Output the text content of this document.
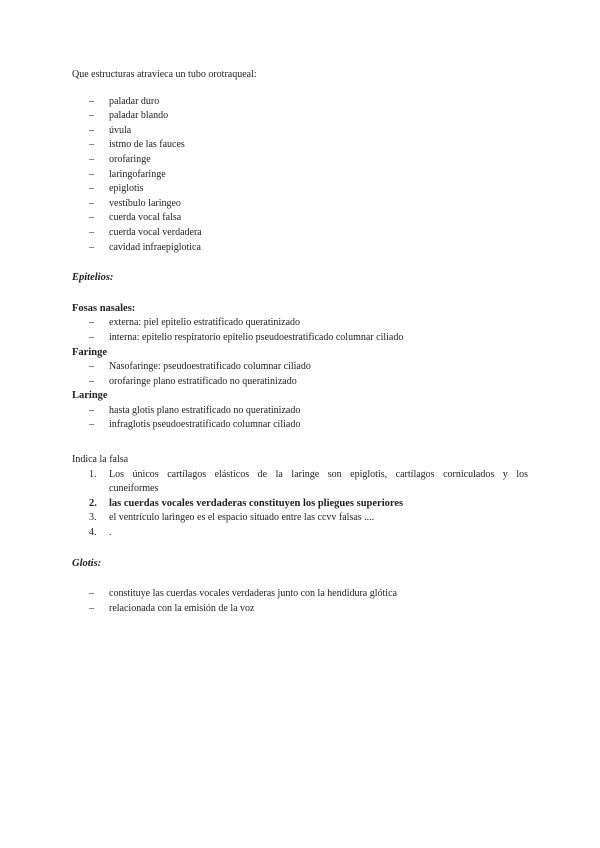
Que estructuras atravieca un tubo orotraqueal:
– paladar duro
– paladar blando
– úvula
– istmo de las fauces
– orofaringe
– laringofaringe
– epiglotis
– vestíbulo laringeo
– cuerda vocal falsa
– cuerda vocal verdadera
– cavidad infraepiglotica
Epitelios:
Fosas nasales:
– externa: piel epitelio estratificado queratinizado
– interna: epitelio respiratorio epitelio pseudoestratificado columnar ciliado
Faringe
– Nasofaringe: pseudoestratificado columnar ciliado
– orofaringe plano estratificado no queratinizado
Laringe
– hasta glotis plano estratificado no queratinizado
– infraglotis pseudoestratificado columnar ciliado
Indica la falsa
1. Los únicos cartílagos elásticos de la laringe son epiglotis, cartílagos corniculados y los cuneiformes
2. las cuerdas vocales verdaderas constituyen los pliegues superiores
3. el ventrículo laringeo es el espacio situado entre las ccvv falsas ....
4. .
Glotis:
– constituye las cuerdas vocales verdaderas junto con la hendidura glótica
– relacionada con la emisión de la voz
